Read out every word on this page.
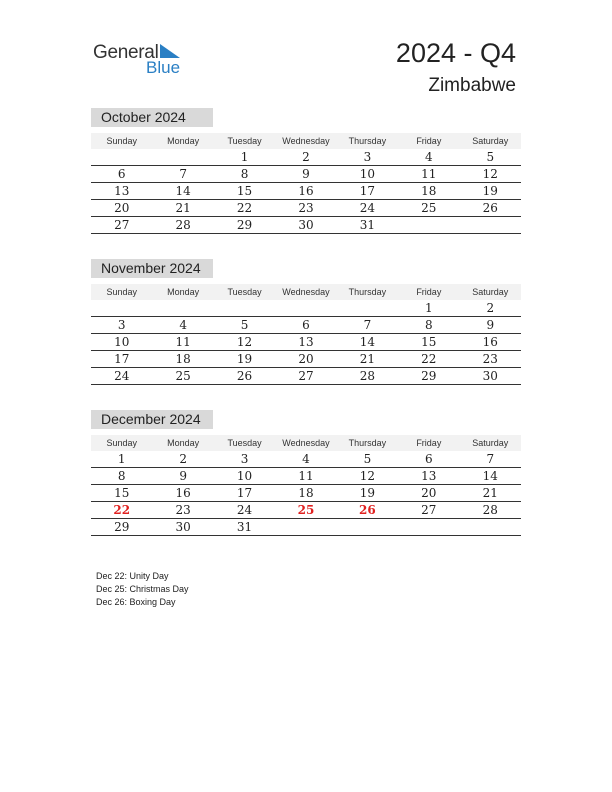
General
Blue	2024 - Q4
Zimbabwe
October 2024
Sunday	Monday	Tuesday	Wednesday	Thursday	Friday	Saturday
		1	2	3	4	5
6	7	8	9	10	11	12
13	14	15	16	17	18	19
20	21	22	23	24	25	26
27	28	29	30	31		
November 2024
Sunday	Monday	Tuesday	Wednesday	Thursday	Friday	Saturday
					1	2
3	4	5	6	7	8	9
10	11	12	13	14	15	16
17	18	19	20	21	22	23
24	25	26	27	28	29	30
December 2024
Sunday	Monday	Tuesday	Wednesday	Thursday	Friday	Saturday
1	2	3	4	5	6	7
8	9	10	11	12	13	14
15	16	17	18	19	20	21
22	23	24	25	26	27	28
29	30	31				
Dec 22: Unity Day
Dec 25: Christmas Day
Dec 26: Boxing Day
